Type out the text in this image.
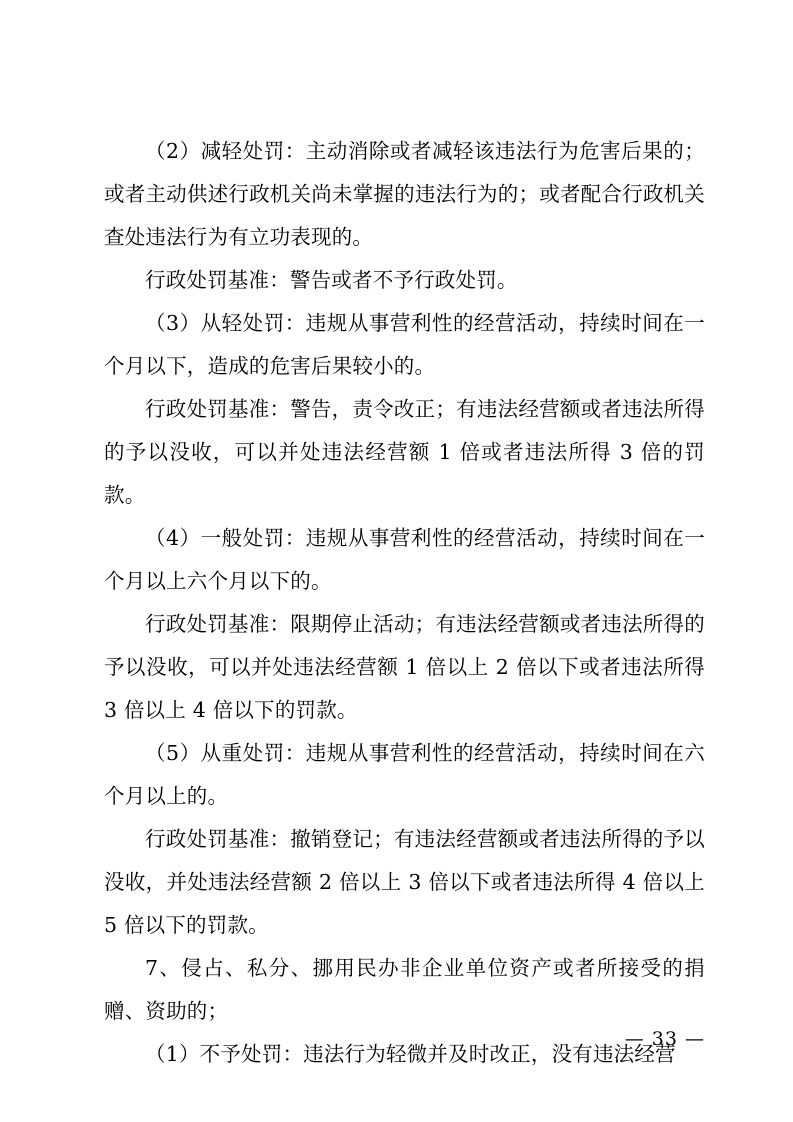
（2）减轻处罚：主动消除或者减轻该违法行为危害后果的；或者主动供述行政机关尚未掌握的违法行为的；或者配合行政机关查处违法行为有立功表现的。

行政处罚基准：警告或者不予行政处罚。

（3）从轻处罚：违规从事营利性的经营活动，持续时间在一个月以下，造成的危害后果较小的。

行政处罚基准：警告，责令改正；有违法经营额或者违法所得的予以没收，可以并处违法经营额 1 倍或者违法所得 3 倍的罚款。

（4）一般处罚：违规从事营利性的经营活动，持续时间在一个月以上六个月以下的。

行政处罚基准：限期停止活动；有违法经营额或者违法所得的予以没收，可以并处违法经营额 1 倍以上 2 倍以下或者违法所得 3 倍以上 4 倍以下的罚款。

（5）从重处罚：违规从事营利性的经营活动，持续时间在六个月以上的。

行政处罚基准：撤销登记；有违法经营额或者违法所得的予以没收，并处违法经营额 2 倍以上 3 倍以下或者违法所得 4 倍以上 5 倍以下的罚款。

7、侵占、私分、挪用民办非企业单位资产或者所接受的捐赠、资助的；

（1）不予处罚：违法行为轻微并及时改正，没有违法经营

— 33 —
